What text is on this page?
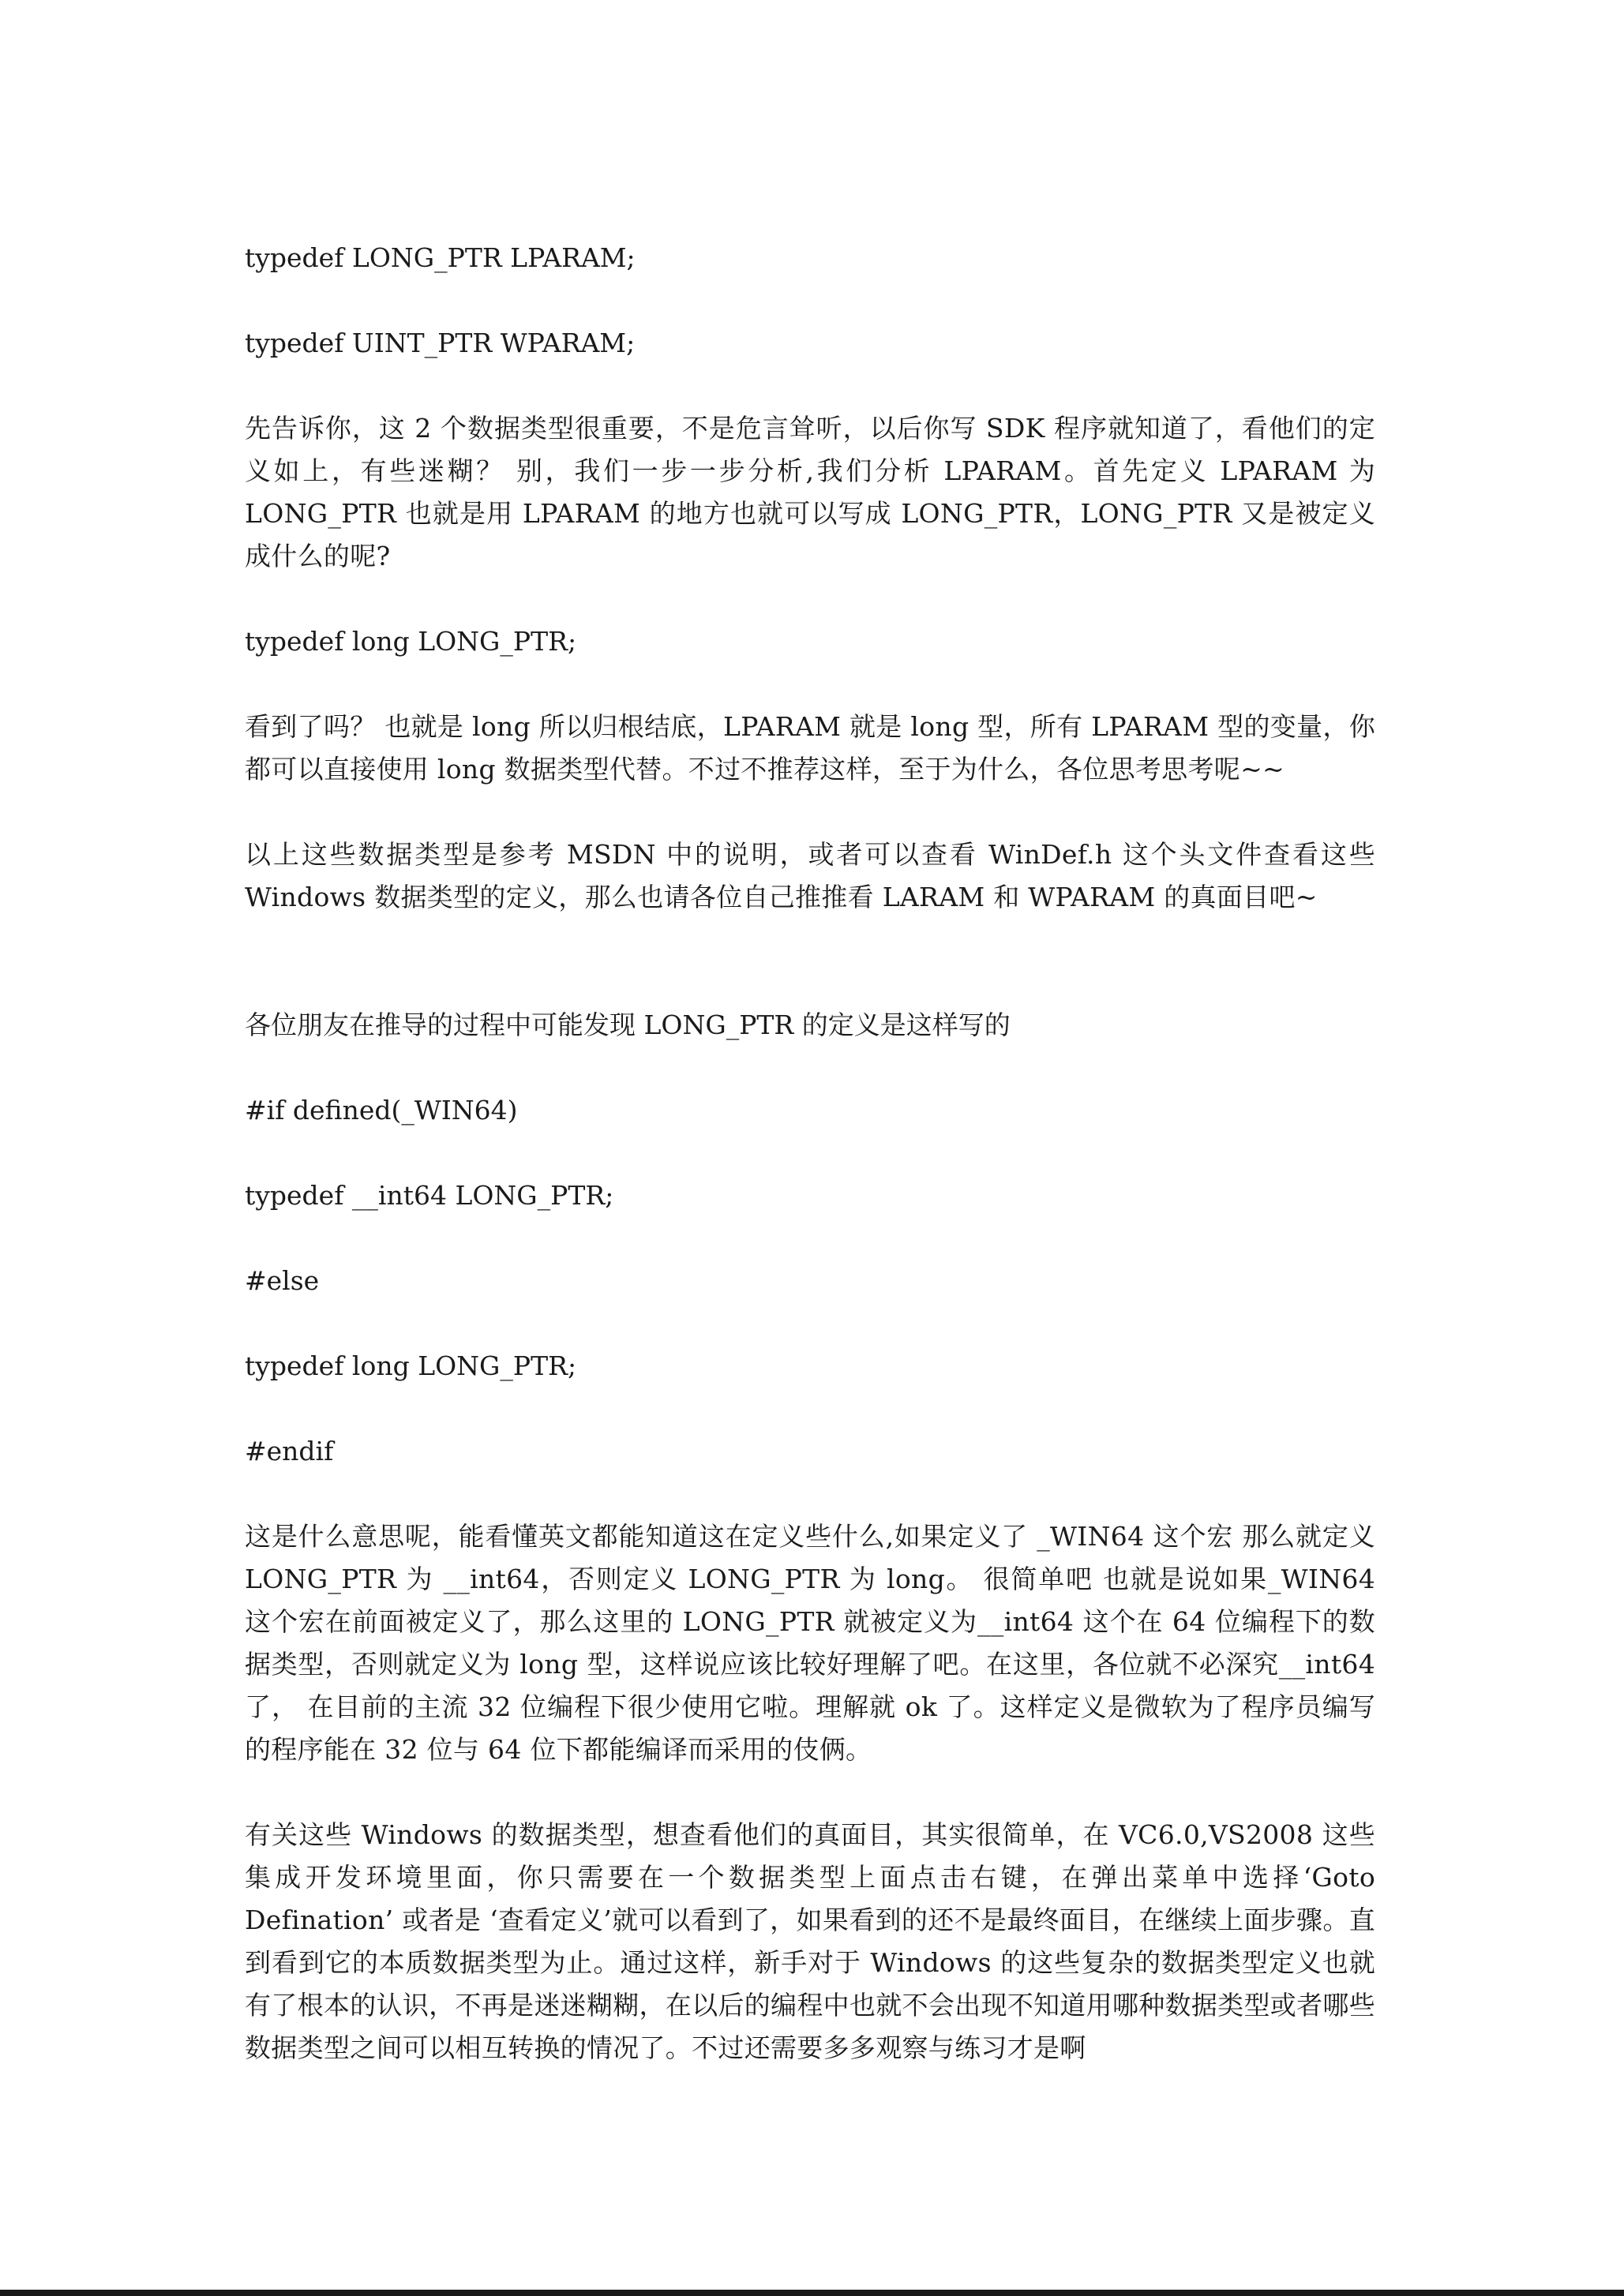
typedef LONG_PTR LPARAM;
typedef UINT_PTR WPARAM;
先告诉你，这 2 个数据类型很重要，不是危言耸听，以后你写 SDK 程序就知道了，看他们的定义如上，有些迷糊？ 别，我们一步一步分析,我们分析 LPARAM。首先定义 LPARAM 为 LONG_PTR 也就是用 LPARAM 的地方也就可以写成 LONG_PTR，LONG_PTR 又是被定义成什么的呢?
typedef long LONG_PTR;
看到了吗？ 也就是 long 所以归根结底，LPARAM 就是 long 型，所有 LPARAM 型的变量，你都可以直接使用 long 数据类型代替。不过不推荐这样，至于为什么，各位思考思考呢~~
以上这些数据类型是参考 MSDN 中的说明，或者可以查看 WinDef.h 这个头文件查看这些 Windows 数据类型的定义，那么也请各位自己推推看 LARAM 和 WPARAM 的真面目吧~
各位朋友在推导的过程中可能发现 LONG_PTR 的定义是这样写的
#if defined(_WIN64)
typedef __int64 LONG_PTR;
#else
typedef long LONG_PTR;
#endif
这是什么意思呢，能看懂英文都能知道这在定义些什么,如果定义了 _WIN64 这个宏 那么就定义 LONG_PTR 为 __int64，否则定义 LONG_PTR 为 long。 很简单吧 也就是说如果_WIN64 这个宏在前面被定义了，那么这里的 LONG_PTR 就被定义为__int64 这个在 64 位编程下的数据类型，否则就定义为 long 型，这样说应该比较好理解了吧。在这里，各位就不必深究__int64 了， 在目前的主流 32 位编程下很少使用它啦。理解就 ok 了。这样定义是微软为了程序员编写的程序能在 32 位与 64 位下都能编译而采用的伎俩。
有关这些 Windows 的数据类型，想查看他们的真面目，其实很简单，在 VC6.0,VS2008 这些集成开发环境里面，你只需要在一个数据类型上面点击右键，在弹出菜单中选择‘Goto Defination’ 或者是 ‘查看定义’就可以看到了，如果看到的还不是最终面目，在继续上面步骤。直到看到它的本质数据类型为止。通过这样，新手对于 Windows 的这些复杂的数据类型定义也就有了根本的认识，不再是迷迷糊糊，在以后的编程中也就不会出现不知道用哪种数据类型或者哪些数据类型之间可以相互转换的情况了。不过还需要多多观察与练习才是啊
